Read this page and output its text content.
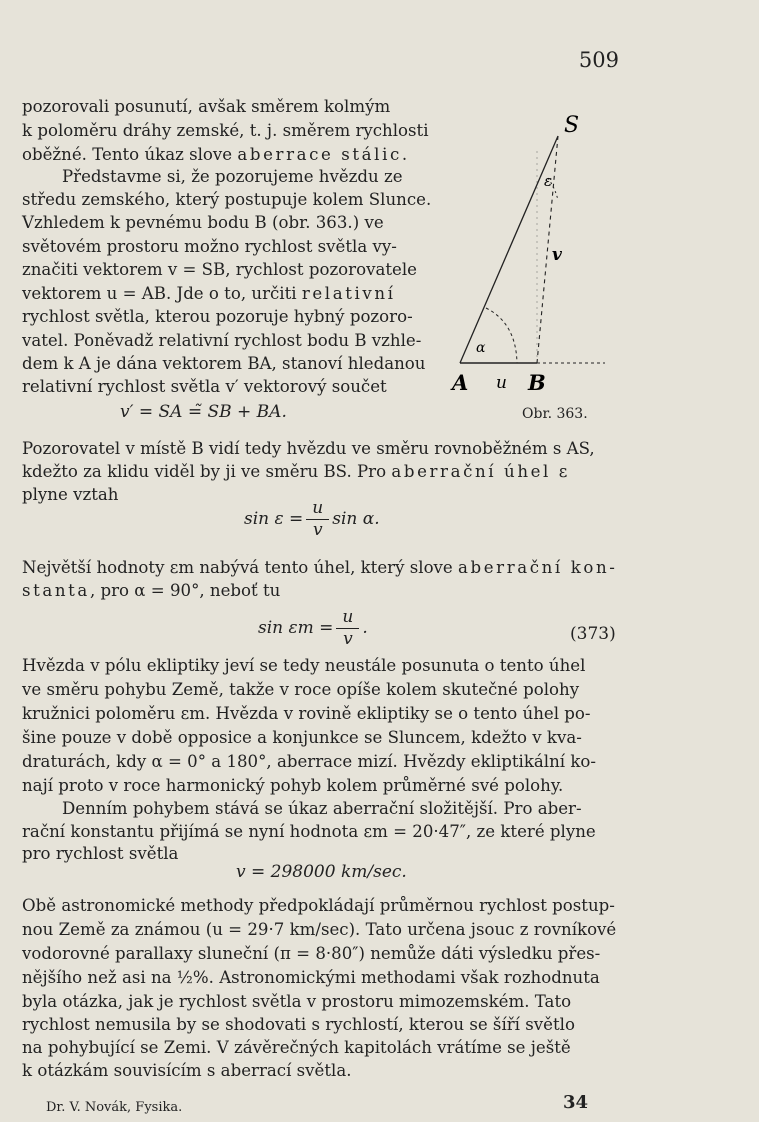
509
pozorovali posunutí, avšak směrem kolmým
k poloměru dráhy zemské, t. j. směrem rychlosti
oběžné. Tento úkaz slove aberrace stálic.
Představme si, že pozorujeme hvězdu ze
středu zemského, který postupuje kolem Slunce.
Vzhledem k pevnému bodu B (obr. 363.) ve
světovém prostoru možno rychlost světla vy-
značiti vektorem v = SB, rychlost pozorovatele
vektorem u = AB. Jde o to, určiti relativní
rychlost světla, kterou pozoruje hybný pozoro-
vatel. Poněvadž relativní rychlost bodu B vzhle-
dem k A je dána vektorem BA, stanoví hledanou
relativní rychlost světla v′ vektorový součet
v′ = SA =̃ SB + BA.
S
ε
v
α
A u B
Obr. 363.
Pozorovatel v místě B vidí tedy hvězdu ve směru rovnoběžném s AS,
kdežto za klidu viděl by ji ve směru BS. Pro aberrační úhel ε
plyne vztah
$\sin \varepsilon = \frac{u}{v}$ sin α.
Největší hodnoty εm nabývá tento úhel, který slove aberrační kon-
stanta, pro α = 90°, neboť tu
$\sin \varepsilon m = \frac{u}{v}$ .	(373)
Hvězda v pólu ekliptiky jeví se tedy neustále posunuta o tento úhel
ve směru pohybu Země, takže v roce opíše kolem skutečné polohy
kružnici poloměru εm. Hvězda v rovině ekliptiky se o tento úhel po-
šine pouze v době opposice a konjunkce se Sluncem, kdežto v kva-
draturách, kdy α = 0° a 180°, aberrace mizí. Hvězdy ekliptikální ko-
nají proto v roce harmonický pohyb kolem průměrné své polohy.
Denním pohybem stává se úkaz aberrační složitější. Pro aber-
rační konstantu přijímá se nyní hodnota εm = 20·47″, ze které plyne
pro rychlost světla
v = 298000 km/sec.
Obě astronomické methody předpokládají průměrnou rychlost postup-
nou Země za známou (u = 29·7 km/sec). Tato určena jsouc z rovníkové
vodorovné parallaxy sluneční (π = 8·80″) nemůže dáti výsledku přes-
nějšího než asi na ½%. Astronomickými methodami však rozhodnuta
byla otázka, jak je rychlost světla v prostoru mimozemském. Tato
rychlost nemusila by se shodovati s rychlostí, kterou se šíří světlo
na pohybující se Zemi. V závěrečných kapitolách vrátíme se ještě
k otázkám souvisícím s aberrací světla.
Dr. V. Novák, Fysika.	34
